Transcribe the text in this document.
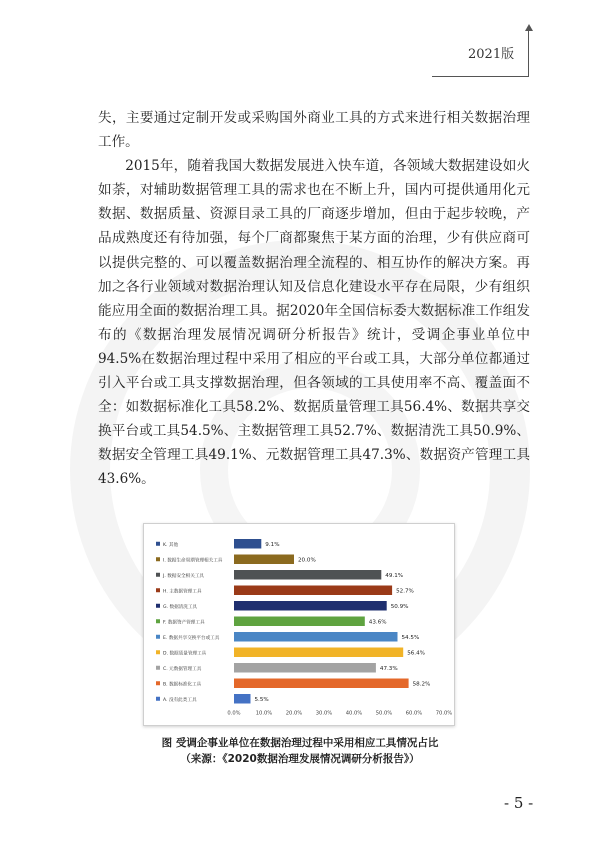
2021版

失，主要通过定制开发或采购国外商业工具的方式来进行相关数据治理工作。

2015年，随着我国大数据发展进入快车道，各领域大数据建设如火如荼，对辅助数据管理工具的需求也在不断上升，国内可提供通用化元数据、数据质量、资源目录工具的厂商逐步增加，但由于起步较晚，产品成熟度还有待加强，每个厂商都聚焦于某方面的治理，少有供应商可以提供完整的、可以覆盖数据治理全流程的、相互协作的解决方案。再加之各行业领域对数据治理认知及信息化建设水平存在局限，少有组织能应用全面的数据治理工具。据2020年全国信标委大数据标准工作组发布的《数据治理发展情况调研分析报告》统计，受调企事业单位中94.5%在数据治理过程中采用了相应的平台或工具，大部分单位都通过引入平台或工具支撑数据治理，但各领域的工具使用率不高、覆盖面不全：如数据标准化工具58.2%、数据质量管理工具56.4%、数据共享交换平台或工具54.5%、主数据管理工具52.7%、数据清洗工具50.9%、数据安全管理工具49.1%、元数据管理工具47.3%、数据资产管理工具43.6%。

K. 其他	9.1%
I. 数据生命周期管理相关工具	20.0%
J. 数据安全相关工具	49.1%
H. 主数据管理工具	52.7%
G. 数据清洗工具	50.9%
F. 数据资产管理工具	43.6%
E. 数据共享交换平台或工具	54.5%
D. 数据质量管理工具	56.4%
C. 元数据管理工具	47.3%
B. 数据标准化工具	58.2%
A. 没有此类工具	5.5%
0.0%	10.0%	20.0%	30.0%	40.0%	50.0%	60.0%	70.0%
图 受调企事业单位在数据治理过程中采用相应工具情况占比
（来源：《2020数据治理发展情况调研分析报告》）
- 5 -
